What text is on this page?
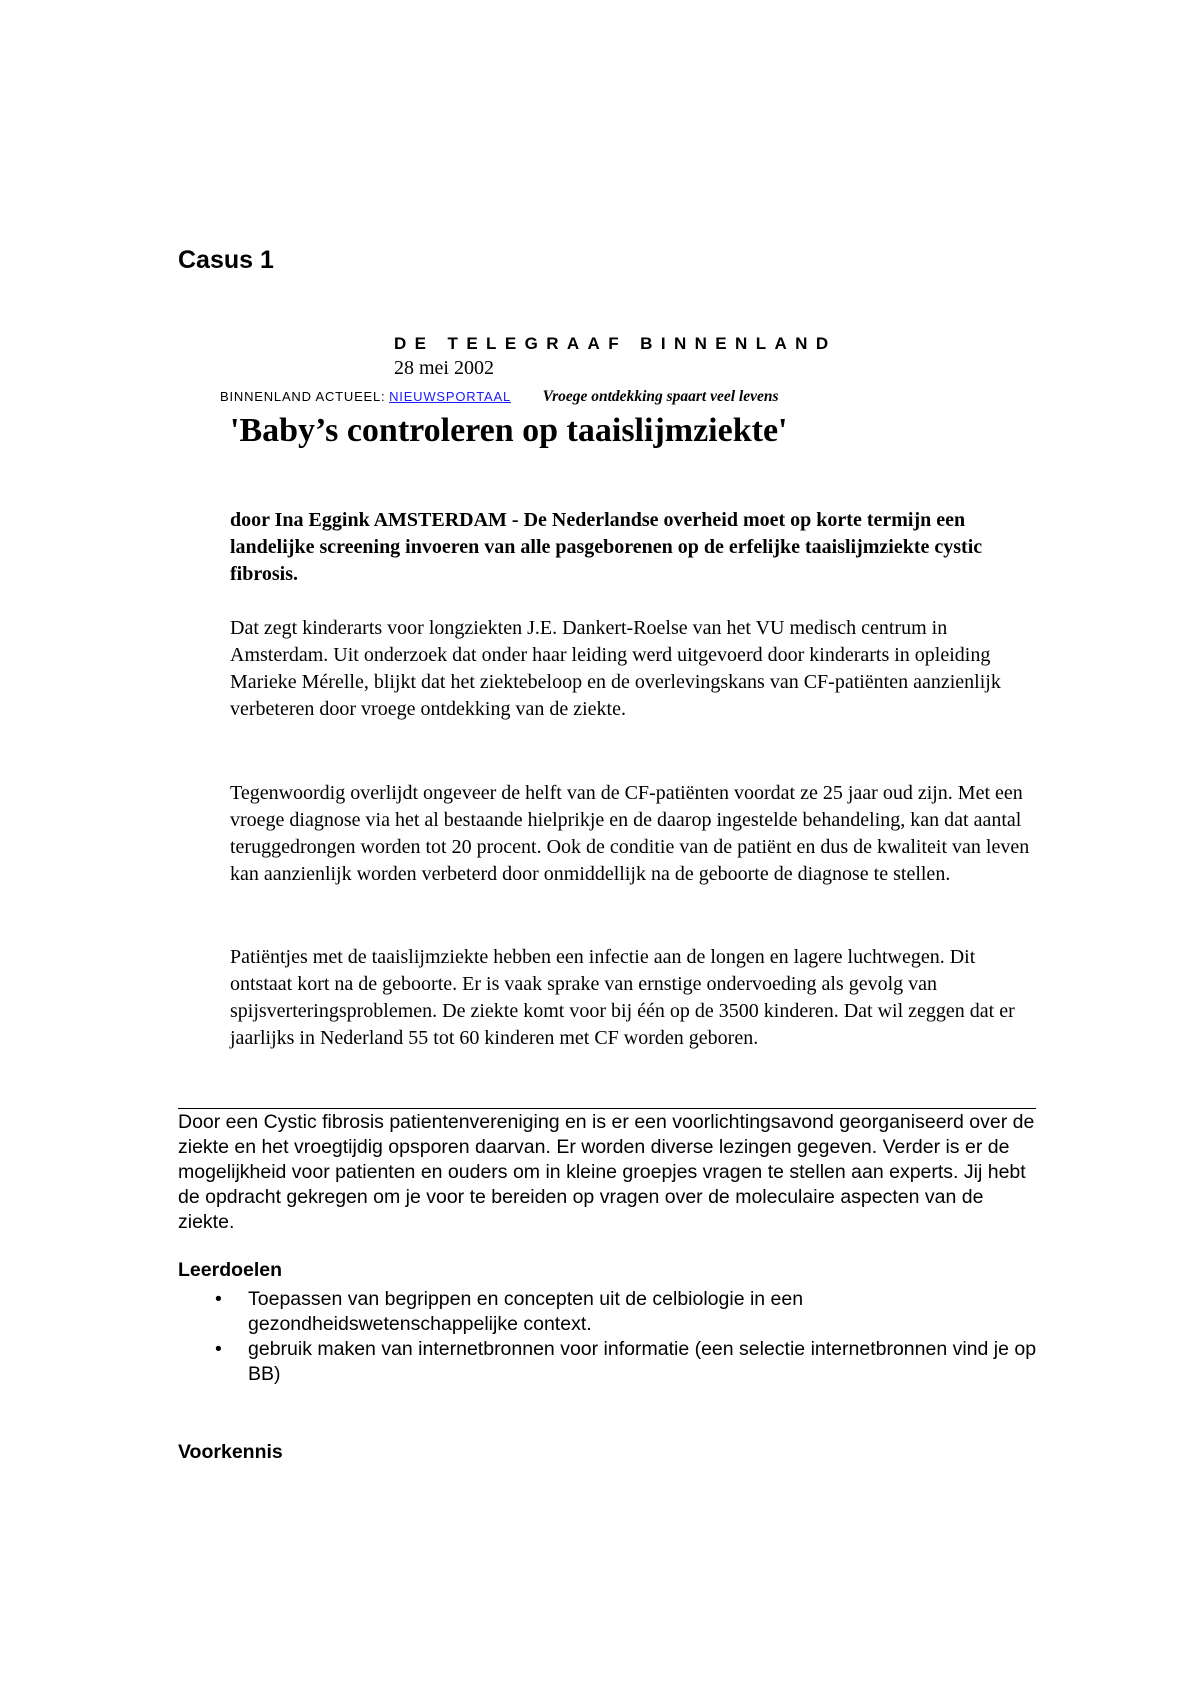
Casus 1
DE TELEGRAAF BINNENLAND
28 mei 2002
BINNENLAND ACTUEEL: NIEUWSPORTAAL Vroege ontdekking spaart veel levens
'Baby’s controleren op taaislijmziekte'
door Ina Eggink AMSTERDAM - De Nederlandse overheid moet op korte termijn een landelijke screening invoeren van alle pasgeborenen op de erfelijke taaislijmziekte cystic fibrosis.
Dat zegt kinderarts voor longziekten J.E. Dankert-Roelse van het VU medisch centrum in Amsterdam. Uit onderzoek dat onder haar leiding werd uitgevoerd door kinderarts in opleiding Marieke Mérelle, blijkt dat het ziektebeloop en de overlevingskans van CF-patiënten aanzienlijk verbeteren door vroege ontdekking van de ziekte.
Tegenwoordig overlijdt ongeveer de helft van de CF-patiënten voordat ze 25 jaar oud zijn. Met een vroege diagnose via het al bestaande hielprikje en de daarop ingestelde behandeling, kan dat aantal teruggedrongen worden tot 20 procent. Ook de conditie van de patiënt en dus de kwaliteit van leven kan aanzienlijk worden verbeterd door onmiddellijk na de geboorte de diagnose te stellen.
Patiëntjes met de taaislijmziekte hebben een infectie aan de longen en lagere luchtwegen. Dit ontstaat kort na de geboorte. Er is vaak sprake van ernstige ondervoeding als gevolg van spijsverteringsproblemen. De ziekte komt voor bij één op de 3500 kinderen. Dat wil zeggen dat er jaarlijks in Nederland 55 tot 60 kinderen met CF worden geboren.
Door een Cystic fibrosis patientenvereniging en is er een voorlichtingsavond georganiseerd over de ziekte en het vroegtijdig opsporen daarvan. Er worden diverse lezingen gegeven. Verder is er de mogelijkheid voor patienten en ouders om in kleine groepjes vragen te stellen aan experts. Jij hebt de opdracht gekregen om je voor te bereiden op vragen over de moleculaire aspecten van de ziekte.
Leerdoelen
• Toepassen van begrippen en concepten uit de celbiologie in een gezondheidswetenschappelijke context.
• gebruik maken van internetbronnen voor informatie (een selectie internetbronnen vind je op BB)
Voorkennis
